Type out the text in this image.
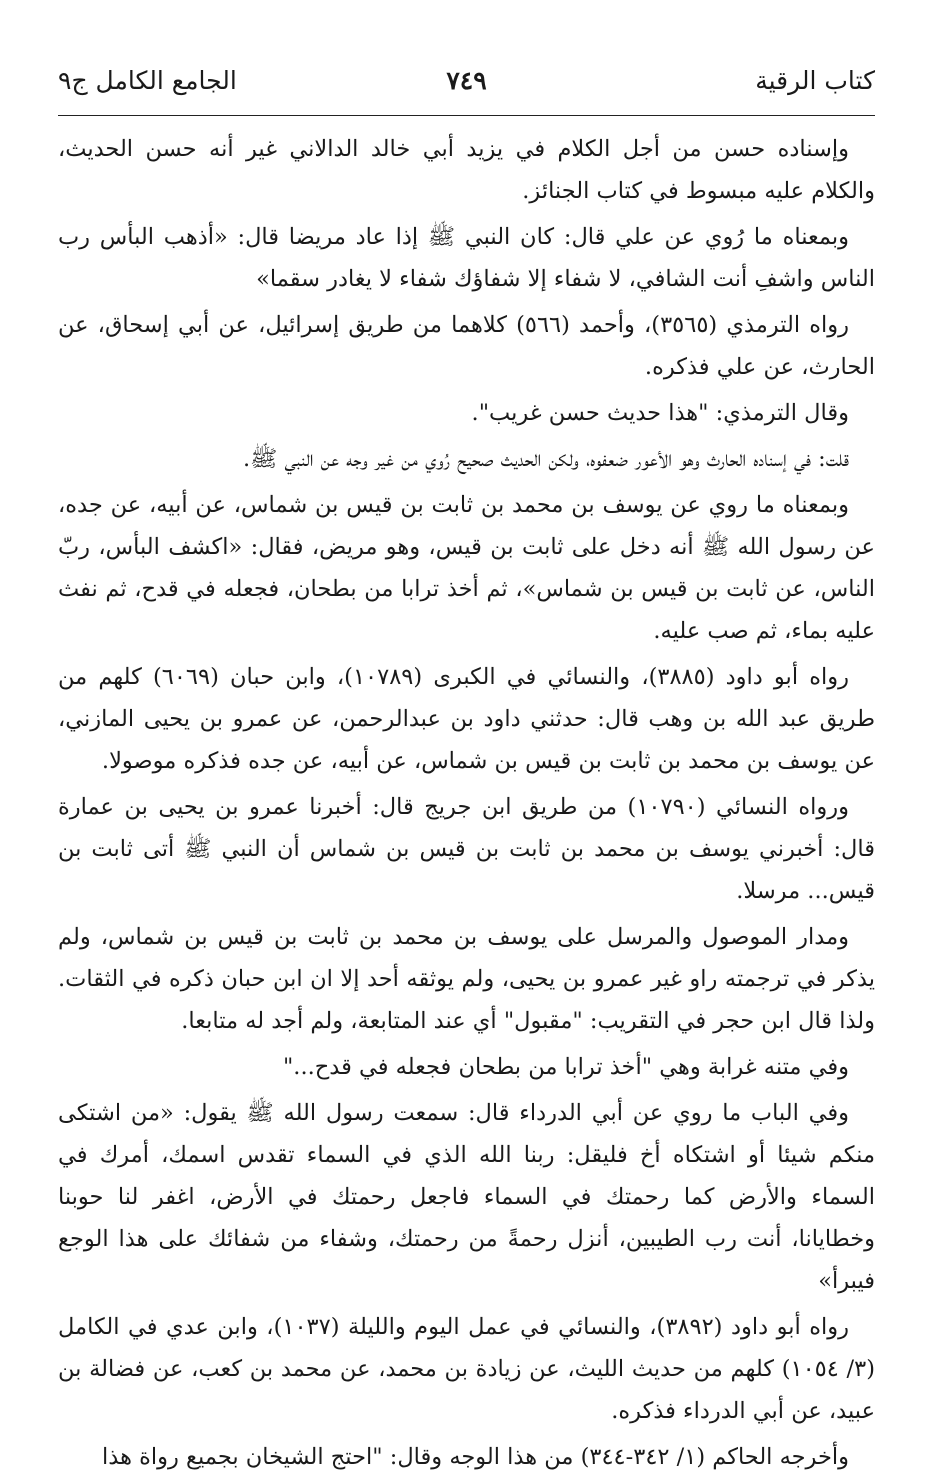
كتاب الرقية
٧٤٩
الجامع الكامل ج٩

وإسناده حسن من أجل الكلام في يزيد أبي خالد الدالاني غير أنه حسن الحديث، والكلام عليه مبسوط في كتاب الجنائز.

وبمعناه ما رُوي عن علي قال: كان النبي ﷺ إذا عاد مريضا قال: «أذهب البأس رب الناس واشفِ أنت الشافي، لا شفاء إلا شفاؤك شفاء لا يغادر سقما»

رواه الترمذي (٣٥٦٥)، وأحمد (٥٦٦) كلاهما من طريق إسرائيل، عن أبي إسحاق، عن الحارث، عن علي فذكره.

وقال الترمذي: "هذا حديث حسن غريب".

قلت: في إسناده الحارث وهو الأعور ضعفوه، ولكن الحديث صحيح رُوي من غير وجه عن النبي ﷺ.

وبمعناه ما روي عن يوسف بن محمد بن ثابت بن قيس بن شماس، عن أبيه، عن جده، عن رسول الله ﷺ أنه دخل على ثابت بن قيس، وهو مريض، فقال: «اكشف البأس، ربّ الناس، عن ثابت بن قيس بن شماس»، ثم أخذ ترابا من بطحان، فجعله في قدح، ثم نفث عليه بماء، ثم صب عليه.

رواه أبو داود (٣٨٨٥)، والنسائي في الكبرى (١٠٧٨٩)، وابن حبان (٦٠٦٩) كلهم من طريق عبد الله بن وهب قال: حدثني داود بن عبدالرحمن، عن عمرو بن يحيى المازني، عن يوسف بن محمد بن ثابت بن قيس بن شماس، عن أبيه، عن جده فذكره موصولا.

ورواه النسائي (١٠٧٩٠) من طريق ابن جريج قال: أخبرنا عمرو بن يحيى بن عمارة قال: أخبرني يوسف بن محمد بن ثابت بن قيس بن شماس أن النبي ﷺ أتى ثابت بن قيس... مرسلا.

ومدار الموصول والمرسل على يوسف بن محمد بن ثابت بن قيس بن شماس، ولم يذكر في ترجمته راو غير عمرو بن يحيى، ولم يوثقه أحد إلا ان ابن حبان ذكره في الثقات. ولذا قال ابن حجر في التقريب: "مقبول" أي عند المتابعة، ولم أجد له متابعا.

وفي متنه غرابة وهي "أخذ ترابا من بطحان فجعله في قدح..."

وفي الباب ما روي عن أبي الدرداء قال: سمعت رسول الله ﷺ يقول: «من اشتكى منكم شيئا أو اشتكاه أخ فليقل: ربنا الله الذي في السماء تقدس اسمك، أمرك في السماء والأرض كما رحمتك في السماء فاجعل رحمتك في الأرض، اغفر لنا حوبنا وخطايانا، أنت رب الطيبين، أنزل رحمةً من رحمتك، وشفاء من شفائك على هذا الوجع فيبرأ»

رواه أبو داود (٣٨٩٢)، والنسائي في عمل اليوم والليلة (١٠٣٧)، وابن عدي في الكامل (٣/ ١٠٥٤) كلهم من حديث الليث، عن زيادة بن محمد، عن محمد بن كعب، عن فضالة بن عبيد، عن أبي الدرداء فذكره.

وأخرجه الحاكم (١/ ٣٤٢-٣٤٤) من هذا الوجه وقال: "احتج الشيخان بجميع رواة هذا
